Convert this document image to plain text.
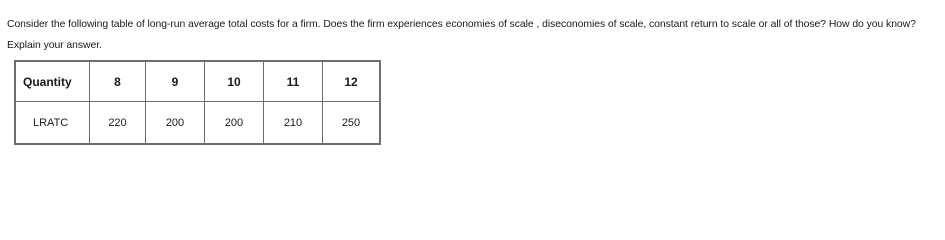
Consider the following table of long-run average total costs for a firm. Does the firm experiences economies of scale , diseconomies of scale, constant return to scale or all of those? How do you know?
Explain your answer.
Quantity	8	9	10	11	12
LRATC	220	200	200	210	250
